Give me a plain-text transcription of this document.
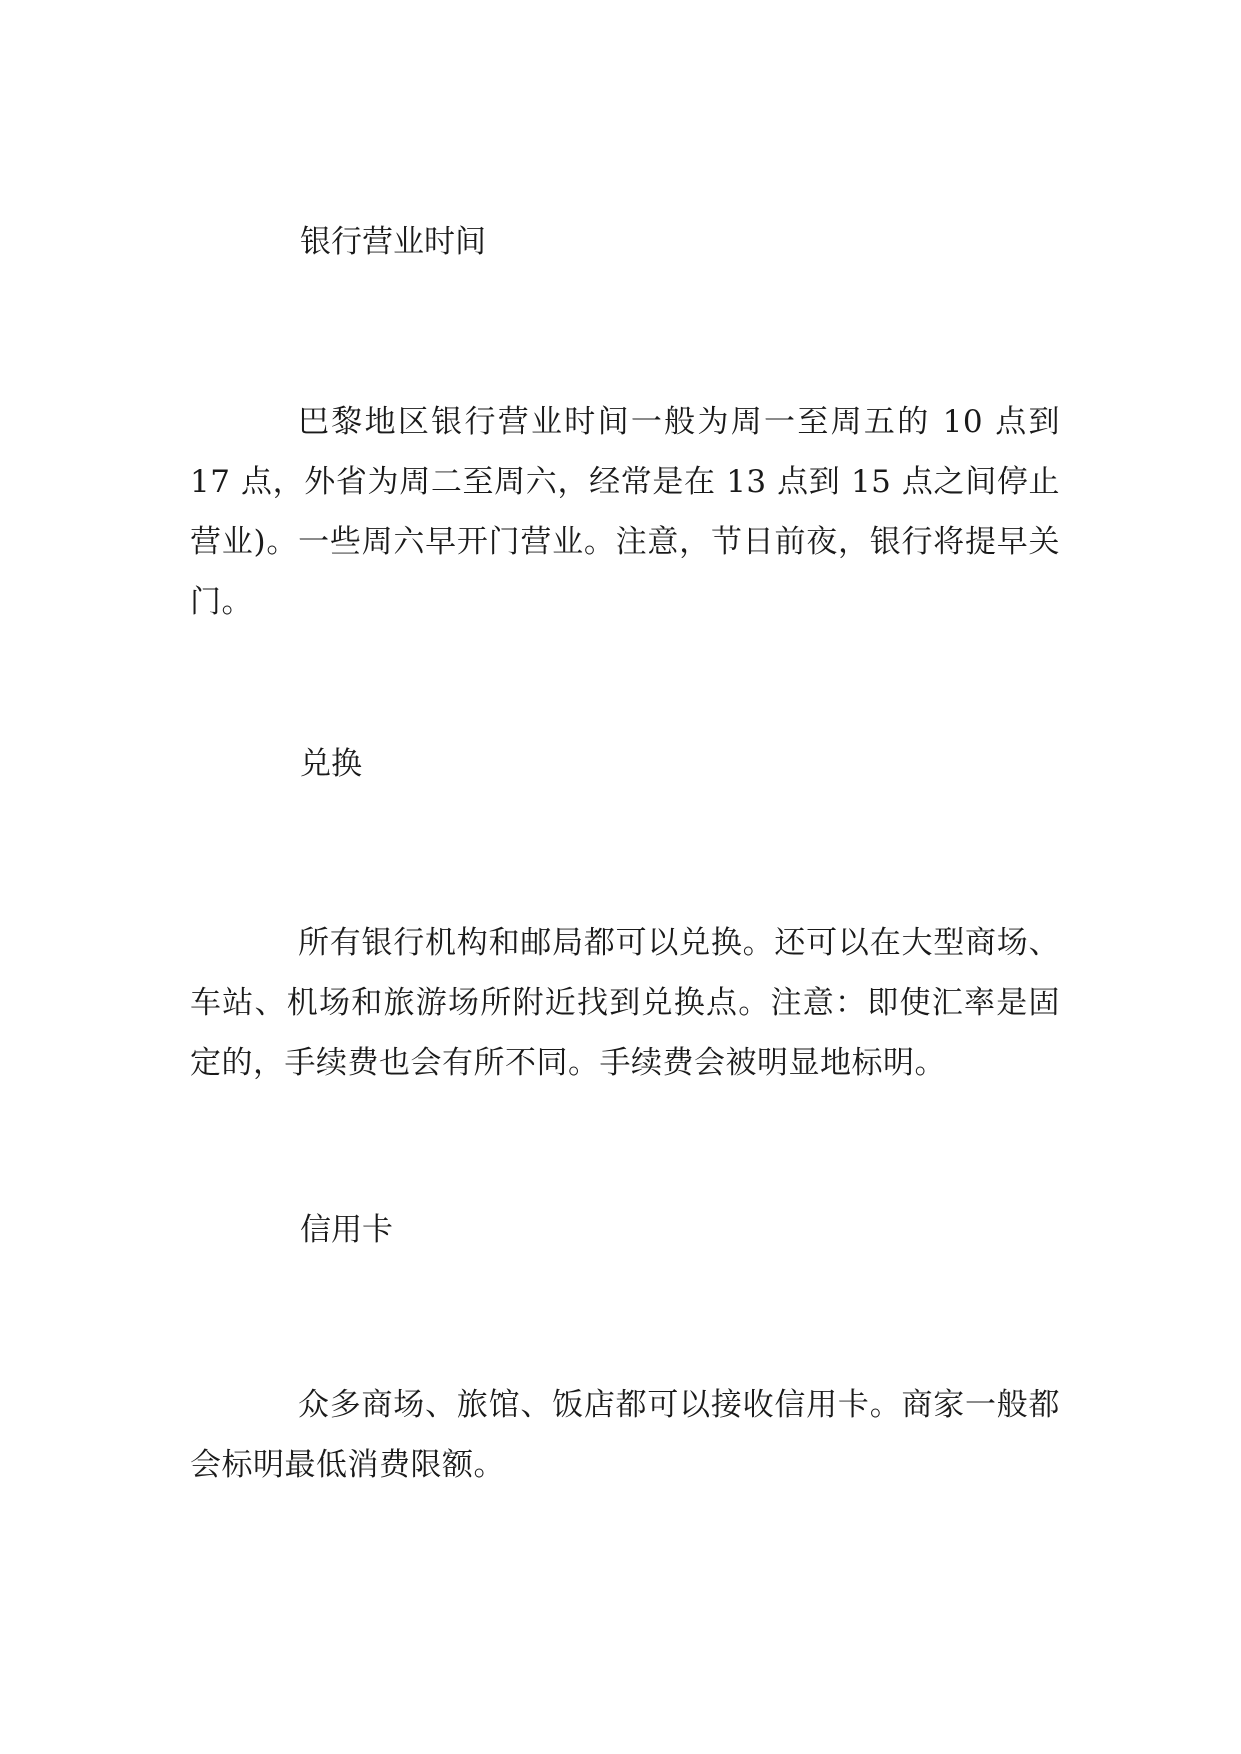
银行营业时间

巴黎地区银行营业时间一般为周一至周五的 10 点到 17 点，外省为周二至周六，经常是在 13 点到 15 点之间停止营业)。一些周六早开门营业。注意，节日前夜，银行将提早关门。

兑换

所有银行机构和邮局都可以兑换。还可以在大型商场、车站、机场和旅游场所附近找到兑换点。注意：即使汇率是固定的，手续费也会有所不同。手续费会被明显地标明。

信用卡

众多商场、旅馆、饭店都可以接收信用卡。商家一般都会标明最低消费限额。
